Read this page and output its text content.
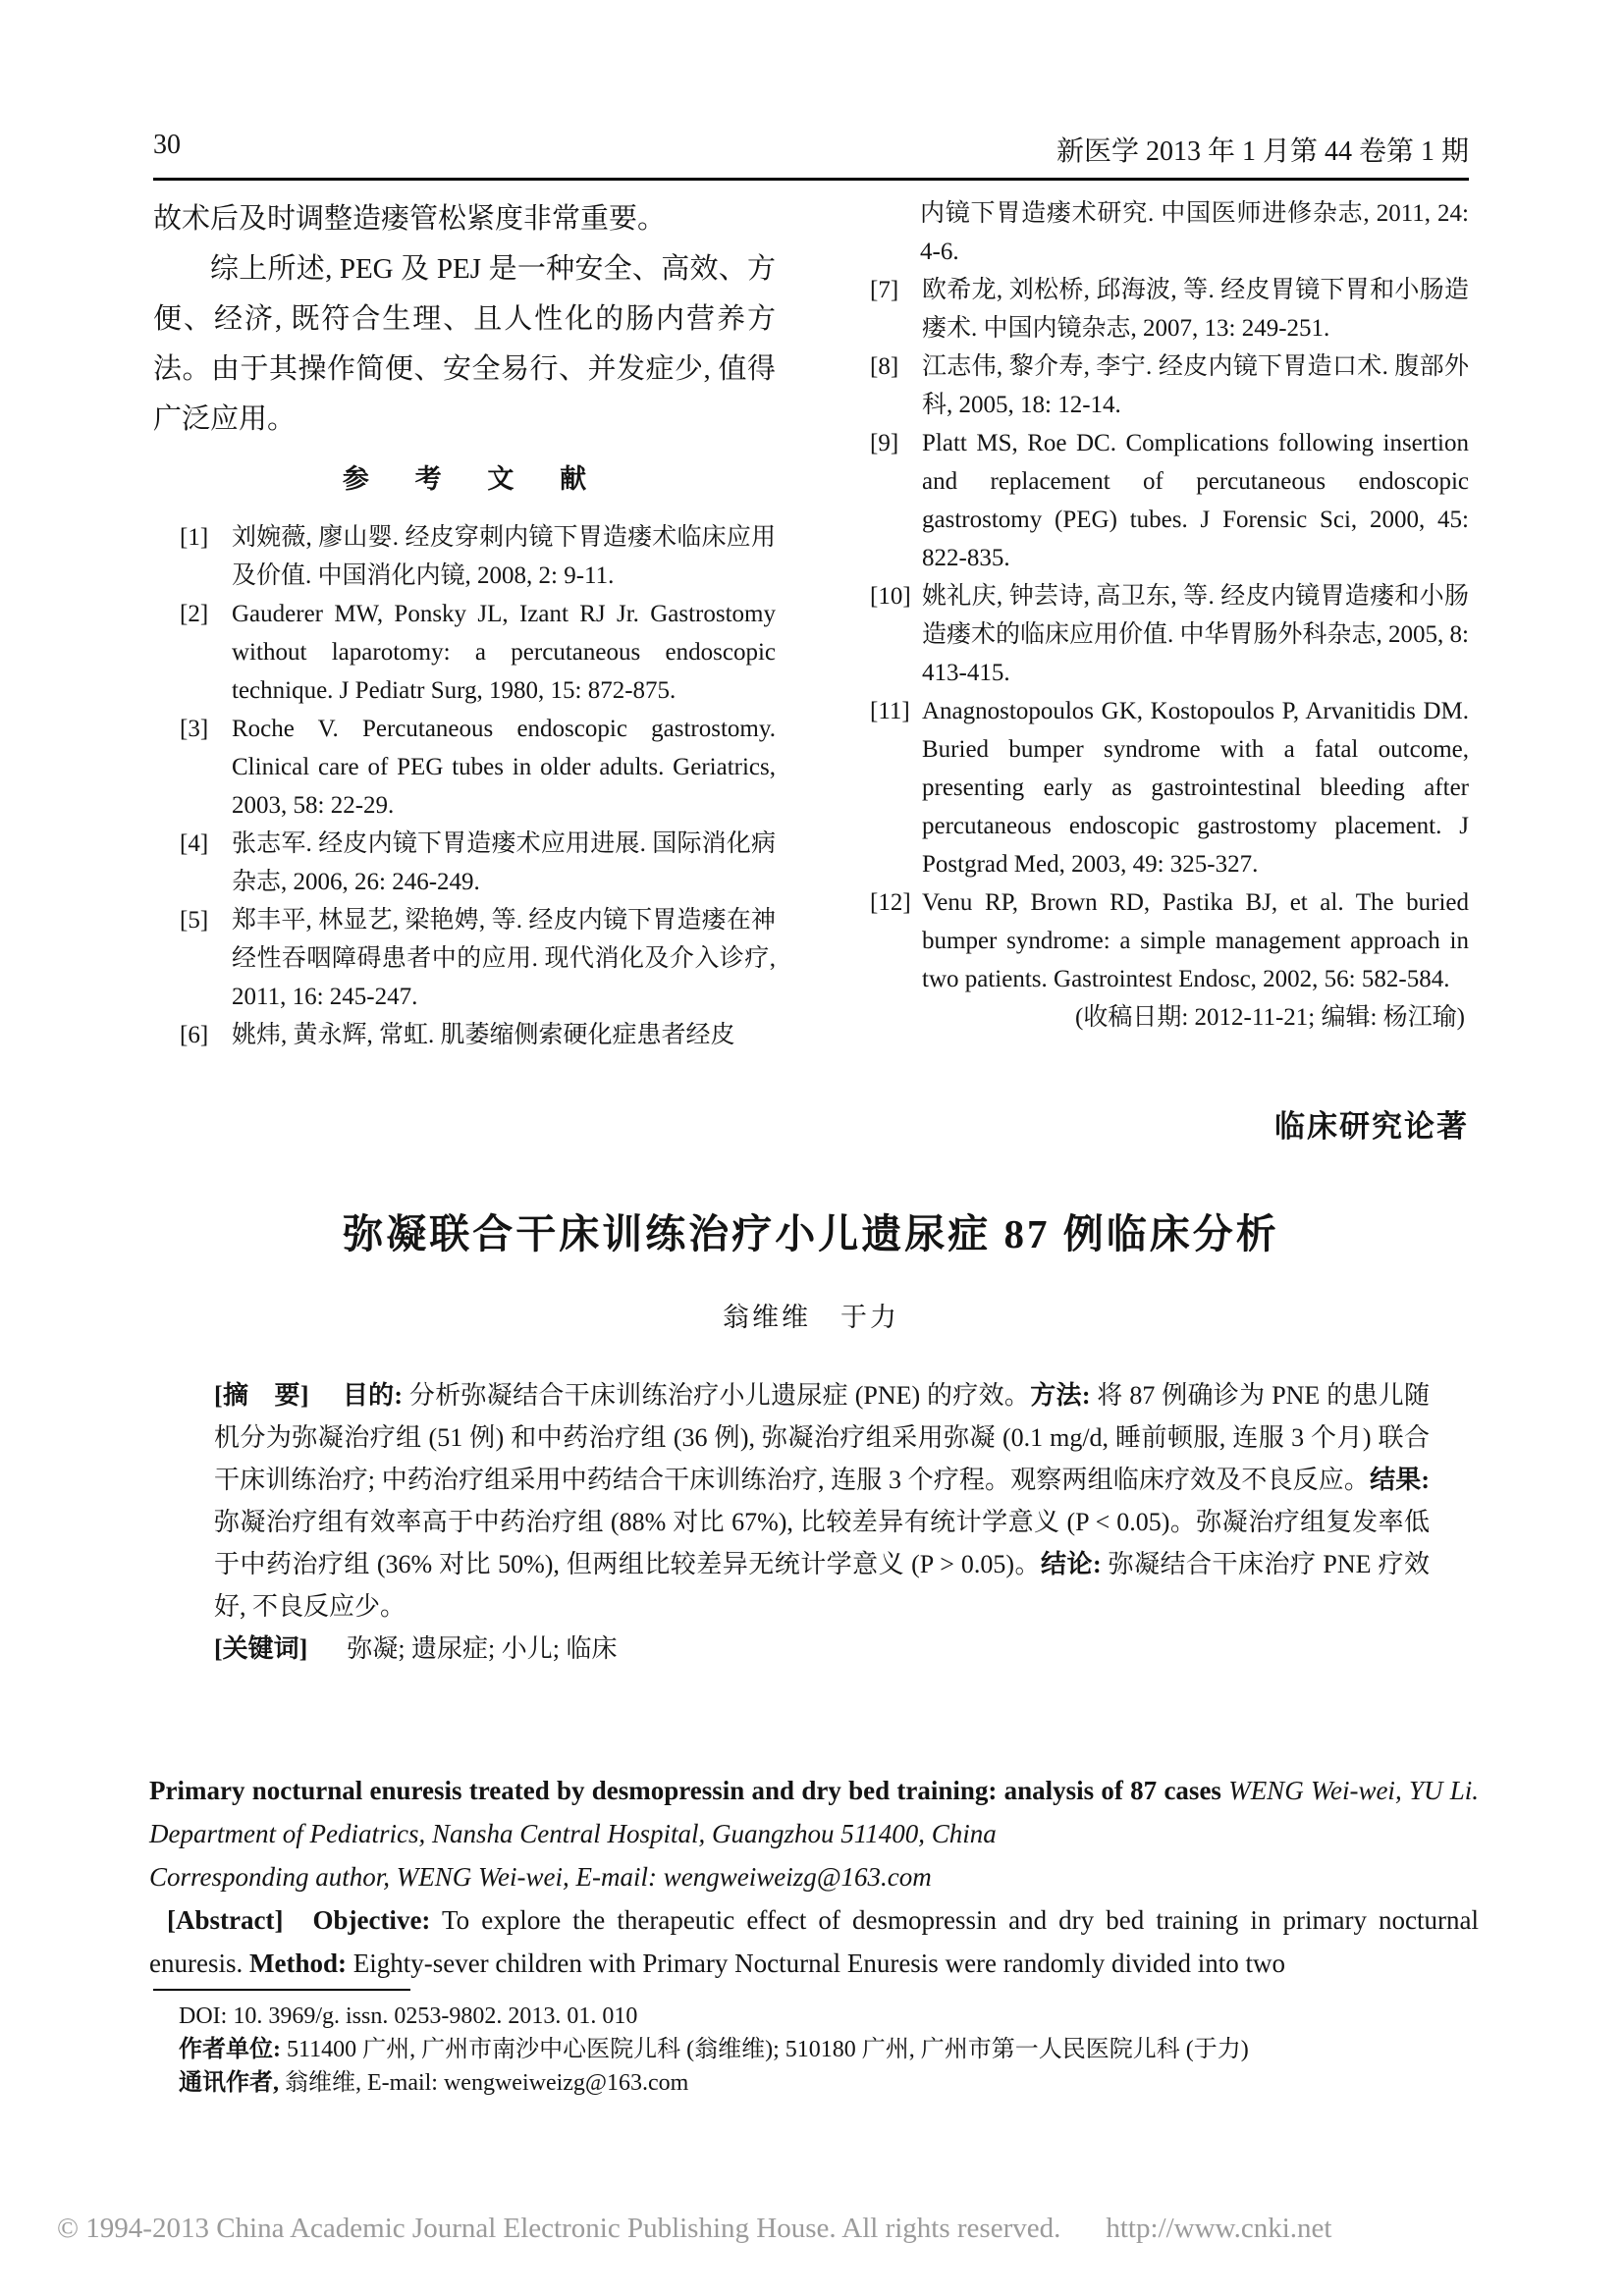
30	新医学 2013 年 1 月第 44 卷第 1 期

故术后及时调整造瘘管松紧度非常重要。

综上所述, PEG 及 PEJ 是一种安全、高效、方便、经济, 既符合生理、且人性化的肠内营养方法。由于其操作简便、安全易行、并发症少, 值得广泛应用。

参 考 文 献
[1] 刘婉薇, 廖山婴. 经皮穿刺内镜下胃造瘘术临床应用及价值. 中国消化内镜, 2008, 2: 9-11.
[2] Gauderer MW, Ponsky JL, Izant RJ Jr. Gastrostomy without laparotomy: a percutaneous endoscopic technique. J Pediatr Surg, 1980, 15: 872-875.
[3] Roche V. Percutaneous endoscopic gastrostomy. Clinical care of PEG tubes in older adults. Geriatrics, 2003, 58: 22-29.
[4] 张志军. 经皮内镜下胃造瘘术应用进展. 国际消化病杂志, 2006, 26: 246-249.
[5] 郑丰平, 林显艺, 梁艳娉, 等. 经皮内镜下胃造瘘在神经性吞咽障碍患者中的应用. 现代消化及介入诊疗, 2011, 16: 245-247.
[6] 姚炜, 黄永辉, 常虹. 肌萎缩侧索硬化症患者经皮

内镜下胃造瘘术研究. 中国医师进修杂志, 2011, 24: 4-6.

[7] 欧希龙, 刘松桥, 邱海波, 等. 经皮胃镜下胃和小肠造瘘术. 中国内镜杂志, 2007, 13: 249-251.
[8] 江志伟, 黎介寿, 李宁. 经皮内镜下胃造口术. 腹部外科, 2005, 18: 12-14.
[9] Platt MS, Roe DC. Complications following insertion and replacement of percutaneous endoscopic gastrostomy (PEG) tubes. J Forensic Sci, 2000, 45: 822-835.
[10] 姚礼庆, 钟芸诗, 高卫东, 等. 经皮内镜胃造瘘和小肠造瘘术的临床应用价值. 中华胃肠外科杂志, 2005, 8: 413-415.
[11] Anagnostopoulos GK, Kostopoulos P, Arvanitidis DM. Buried bumper syndrome with a fatal outcome, presenting early as gastrointestinal bleeding after percutaneous endoscopic gastrostomy placement. J Postgrad Med, 2003, 49: 325-327.
[12] Venu RP, Brown RD, Pastika BJ, et al. The buried bumper syndrome: a simple management approach in two patients. Gastrointest Endosc, 2002, 56: 582-584.

(收稿日期: 2012-11-21; 编辑: 杨江瑜)

临床研究论著
弥凝联合干床训练治疗小儿遗尿症 87 例临床分析
翁维维　于力

[摘　要] 目的: 分析弥凝结合干床训练治疗小儿遗尿症 (PNE) 的疗效。方法: 将 87 例确诊为 PNE 的患儿随机分为弥凝治疗组 (51 例) 和中药治疗组 (36 例), 弥凝治疗组采用弥凝 (0.1 mg/d, 睡前顿服, 连服 3 个月) 联合干床训练治疗; 中药治疗组采用中药结合干床训练治疗, 连服 3 个疗程。观察两组临床疗效及不良反应。结果: 弥凝治疗组有效率高于中药治疗组 (88% 对比 67%), 比较差异有统计学意义 (P < 0.05)。弥凝治疗组复发率低于中药治疗组 (36% 对比 50%), 但两组比较差异无统计学意义 (P > 0.05)。结论: 弥凝结合干床治疗 PNE 疗效好, 不良反应少。

[关键词] 弥凝; 遗尿症; 小儿; 临床

Primary nocturnal enuresis treated by desmopressin and dry bed training: analysis of 87 cases WENG Wei-wei, YU Li. Department of Pediatrics, Nansha Central Hospital, Guangzhou 511400, China

Corresponding author, WENG Wei-wei, E-mail: wengweiweizg@163.com

[Abstract] Objective: To explore the therapeutic effect of desmopressin and dry bed training in primary nocturnal enuresis. Method: Eighty-sever children with Primary Nocturnal Enuresis were randomly divided into two

DOI: 10. 3969/g. issn. 0253-9802. 2013. 01. 010
作者单位: 511400 广州, 广州市南沙中心医院儿科 (翁维维); 510180 广州, 广州市第一人民医院儿科 (于力)
通讯作者, 翁维维, E-mail: wengweiweizg@163.com
© 1994-2013 China Academic Journal Electronic Publishing House. All rights reserved. http://www.cnki.net
